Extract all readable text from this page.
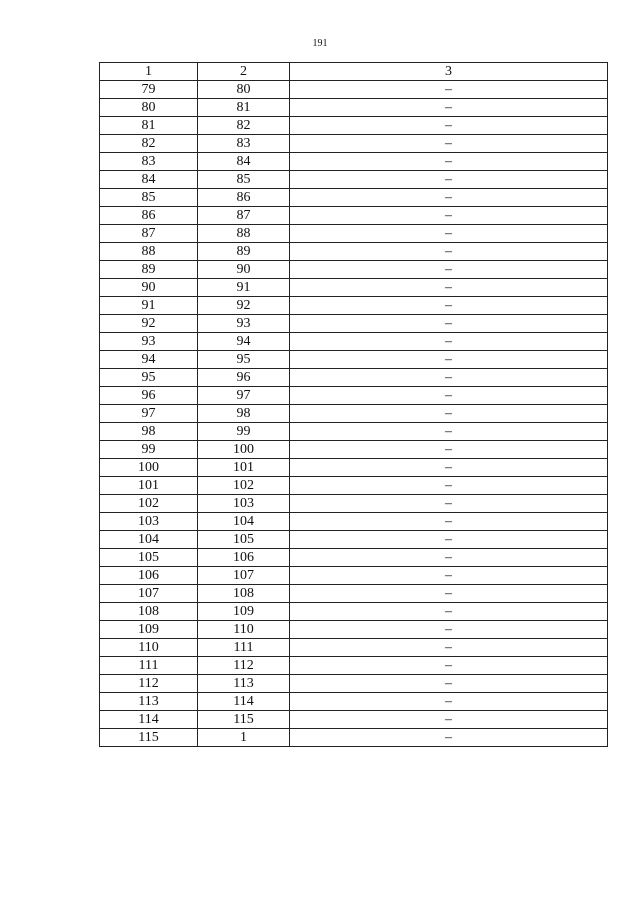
191
1	2	3
79	80	–
80	81	–
81	82	–
82	83	–
83	84	–
84	85	–
85	86	–
86	87	–
87	88	–
88	89	–
89	90	–
90	91	–
91	92	–
92	93	–
93	94	–
94	95	–
95	96	–
96	97	–
97	98	–
98	99	–
99	100	–
100	101	–
101	102	–
102	103	–
103	104	–
104	105	–
105	106	–
106	107	–
107	108	–
108	109	–
109	110	–
110	111	–
111	112	–
112	113	–
113	114	–
114	115	–
115	1	–
